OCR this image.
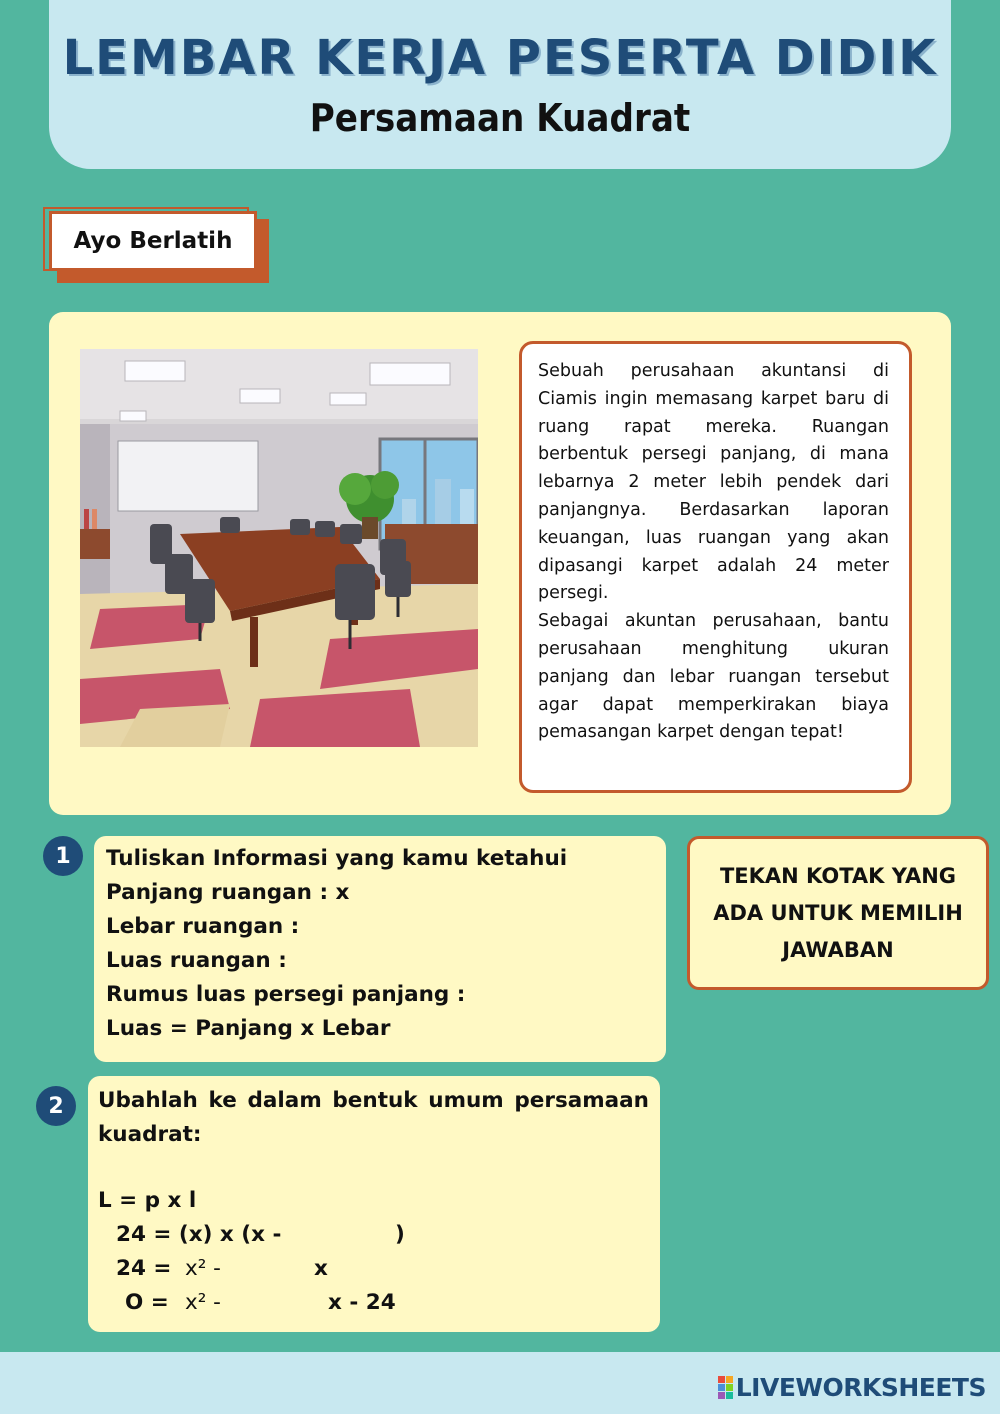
LEMBAR KERJA PESERTA DIDIK
Persamaan Kuadrat
Ayo Berlatih

Sebuah perusahaan akuntansi di Ciamis ingin memasang karpet baru di ruang rapat mereka. Ruangan berbentuk persegi panjang, di mana lebarnya 2 meter lebih pendek dari panjangnya. Berdasarkan laporan keuangan, luas ruangan yang akan dipasangi karpet adalah 24 meter persegi.

Sebagai akuntan perusahaan, bantu perusahaan menghitung ukuran panjang dan lebar ruangan tersebut agar dapat memperkirakan biaya pemasangan karpet dengan tepat!

1	Tuliskan Informasi yang kamu ketahui
Panjang ruangan : x
Lebar ruangan :
Luas ruangan :
Rumus luas persegi panjang :
Luas = Panjang x Lebar
TEKAN KOTAK YANG ADA UNTUK MEMILIH JAWABAN
2	Ubahlah ke dalam bentuk umum persamaan kuadrat:
L = p x l
24 = (x) x (x -	)
24 = x² -	x
O = x² -	x - 24
LIVEWORKSHEETS
